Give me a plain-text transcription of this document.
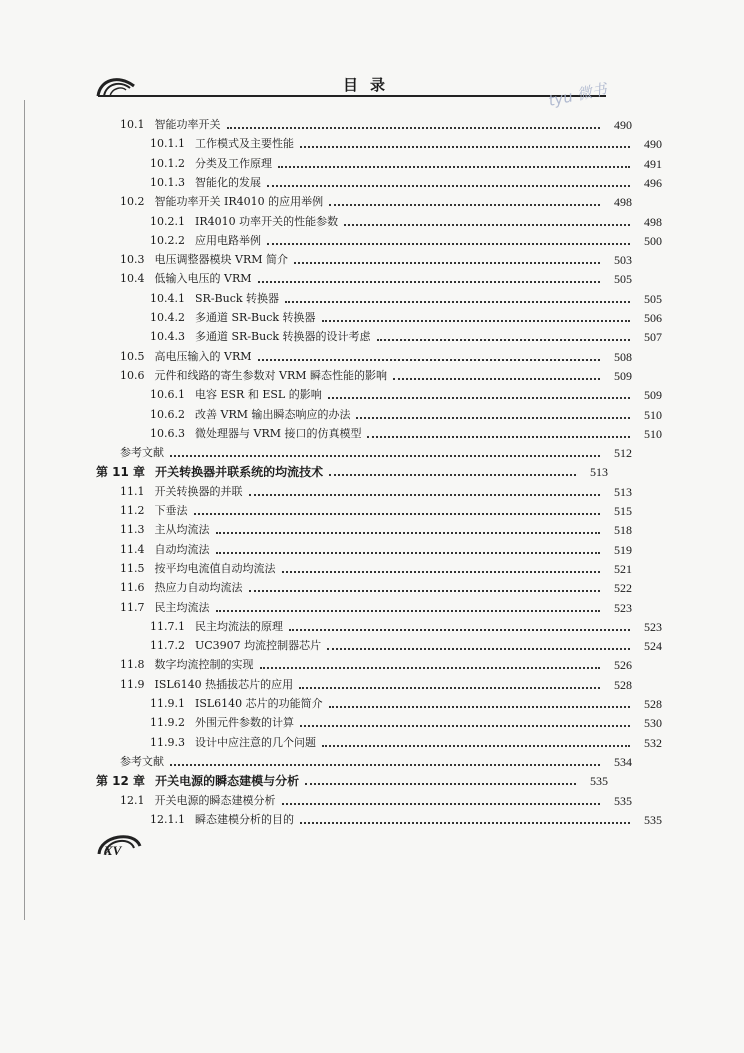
目录	tyu 微书
10.1 智能功率开关	490
10.1.1 工作模式及主要性能	490
10.1.2 分类及工作原理	491
10.1.3 智能化的发展	496
10.2 智能功率开关 IR4010 的应用举例	498
10.2.1 IR4010 功率开关的性能参数	498
10.2.2 应用电路举例	500
10.3 电压调整器模块 VRM 简介	503
10.4 低输入电压的 VRM	505
10.4.1 SR-Buck 转换器	505
10.4.2 多通道 SR-Buck 转换器	506
10.4.3 多通道 SR-Buck 转换器的设计考虑	507
10.5 高电压输入的 VRM	508
10.6 元件和线路的寄生参数对 VRM 瞬态性能的影响	509
10.6.1 电容 ESR 和 ESL 的影响	509
10.6.2 改善 VRM 输出瞬态响应的办法	510
10.6.3 微处理器与 VRM 接口的仿真模型	510
参考文献	512
第 11 章 开关转换器并联系统的均流技术	513
11.1 开关转换器的并联	513
11.2 下垂法	515
11.3 主从均流法	518
11.4 自动均流法	519
11.5 按平均电流值自动均流法	521
11.6 热应力自动均流法	522
11.7 民主均流法	523
11.7.1 民主均流法的原理	523
11.7.2 UC3907 均流控制器芯片	524
11.8 数字均流控制的实现	526
11.9 ISL6140 热插拔芯片的应用	528
11.9.1 ISL6140 芯片的功能简介	528
11.9.2 外围元件参数的计算	530
11.9.3 设计中应注意的几个问题	532
参考文献	534
第 12 章 开关电源的瞬态建模与分析	535
12.1 开关电源的瞬态建模分析	535
12.1.1 瞬态建模分析的目的	535
XV
